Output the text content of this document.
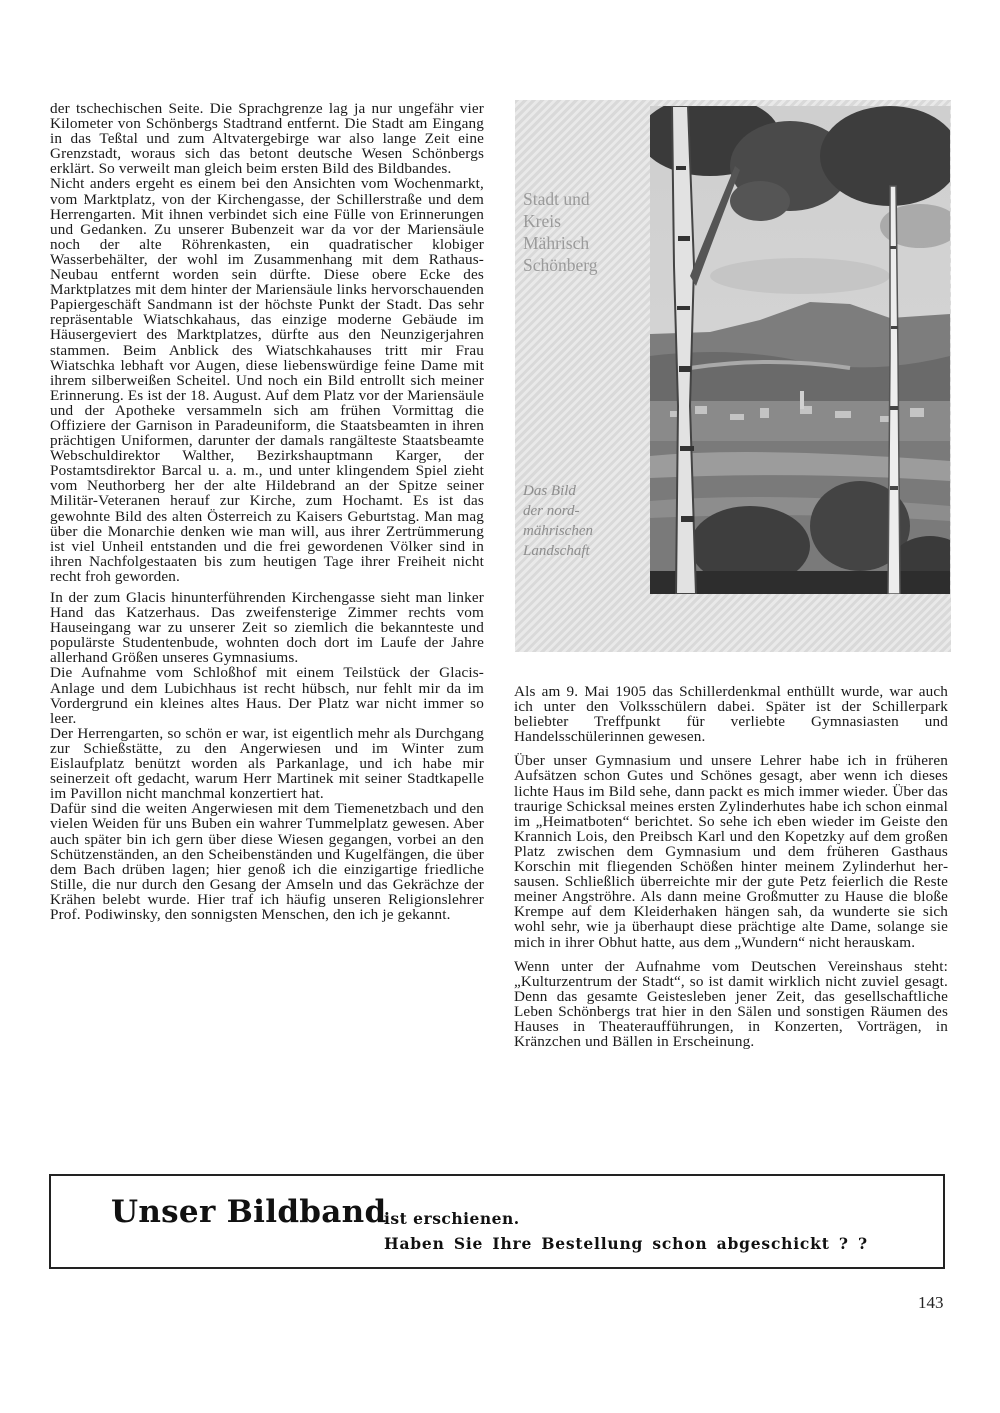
der tschechischen Seite. Die Sprachgrenze lag ja nur ungefähr vier Kilometer von Schönbergs Stadtrand entfernt. Die Stadt am Eingang in das Teßtal und zum Altvatergebirge war also lange Zeit eine Grenzstadt, woraus sich das betont deutsche Wesen Schönbergs erklärt. So verweilt man gleich beim ersten Bild des Bildbandes.

Nicht anders ergeht es einem bei den Ansichten vom Wochenmarkt, vom Marktplatz, von der Kirchengasse, der Schillerstraße und dem Herrengarten. Mit ihnen verbindet sich eine Fülle von Erinnerungen und Gedanken. Zu unserer Bubenzeit war da vor der Mariensäule noch der alte Röhrenkasten, ein quadratischer klobiger Wasserbehälter, der wohl im Zusammenhang mit dem Rathaus-Neubau entfernt worden sein dürfte. Diese obere Ecke des Marktplatzes mit dem hinter der Mariensäule links hervorschauenden Papiergeschäft Sandmann ist der höchste Punkt der Stadt. Das sehr repräsentable Wiatschkahaus, das einzige moderne Gebäude im Häusergeviert des Marktplatzes, dürfte aus den Neunzigerjahren stammen. Beim Anblick des Wiatschkahauses tritt mir Frau Wiatschka lebhaft vor Augen, diese liebenswürdige feine Dame mit ihrem silberweißen Scheitel. Und noch ein Bild entrollt sich meiner Erinnerung. Es ist der 18. August. Auf dem Platz vor der Mariensäule und der Apotheke versammeln sich am frühen Vormittag die Offiziere der Garnison in Paradeuniform, die Staatsbeamten in ihren prächtigen Uniformen, darunter der damals rangälteste Staatsbeamte Webschuldirektor Walther, Bezirkshauptmann Karger, der Postamtsdirektor Barcal u. a. m., und unter klingendem Spiel zieht vom Neuthorberg her der alte Hildebrand an der Spitze seiner Militär-Veteranen herauf zur Kirche, zum Hochamt. Es ist das gewohnte Bild des alten Österreich zu Kaisers Geburtstag. Man mag über die Monarchie denken wie man will, aus ihrer Zertrümmerung ist viel Unheil entstanden und die frei gewordenen Völker sind in ihren Nachfolgestaaten bis zum heutigen Tage ihrer Freiheit nicht recht froh geworden.

In der zum Glacis hinunterführenden Kirchengasse sieht man linker Hand das Katzerhaus. Das zweifensterige Zimmer rechts vom Hauseingang war zu unserer Zeit so ziemlich die bekannteste und populärste Studentenbude, wohnten doch dort im Laufe der Jahre allerhand Größen unseres Gymnasiums.

Die Aufnahme vom Schloßhof mit einem Teilstück der Glacis-Anlage und dem Lubichhaus ist recht hübsch, nur fehlt mir da im Vordergrund ein kleines altes Haus. Der Platz war nicht immer so leer.

Der Herrengarten, so schön er war, ist eigentlich mehr als Durchgang zur Schießstätte, zu den Angerwiesen und im Winter zum Eislaufplatz benützt worden als Parkanlage, und ich habe mir seinerzeit oft gedacht, warum Herr Martinek mit seiner Stadtkapelle im Pavillon nicht manchmal konzertiert hat.

Dafür sind die weiten Angerwiesen mit dem Tiemenetzbach und den vielen Weiden für uns Buben ein wahrer Tummelplatz gewesen. Aber auch später bin ich gern über diese Wiesen gegangen, vorbei an den Schützenständen, an den Scheibenständen und Kugelfängen, die über dem Bach drüben lagen; hier genoß ich die einzigartige friedliche Stille, die nur durch den Gesang der Amseln und das Gekrächze der Krähen belebt wurde. Hier traf ich häufig unseren Religionslehrer Prof. Podiwinsky, den sonnigsten Menschen, den ich je gekannt.

Stadt und
Kreis
Mährisch
Schönberg
Das Bild
der nord-
mährischen
Landschaft

Als am 9. Mai 1905 das Schillerdenkmal enthüllt wurde, war auch ich unter den Volksschülern dabei. Später ist der Schillerpark beliebter Treffpunkt für verliebte Gymnasiasten und Handelsschülerinnen gewesen.

Über unser Gymnasium und unsere Lehrer habe ich in früheren Aufsätzen schon Gutes und Schönes gesagt, aber wenn ich dieses lichte Haus im Bild sehe, dann packt es mich immer wieder. Über das traurige Schicksal meines ersten Zylinderhutes habe ich schon einmal im „Heimatboten“ berichtet. So sehe ich eben wieder im Geiste den Krannich Lois, den Preibsch Karl und den Kopetzky auf dem großen Platz zwischen dem Gymnasium und dem früheren Gasthaus Korschin mit fliegenden Schößen hinter meinem Zylinderhut hersausen. Schließlich überreichte mir der gute Petz feierlich die Reste meiner Angströhre. Als dann meine Großmutter zu Hause die bloße Krempe auf dem Kleiderhaken hängen sah, da wunderte sie sich wohl sehr, wie ja überhaupt diese prächtige alte Dame, solange sie mich in ihrer Obhut hatte, aus dem „Wundern“ nicht herauskam.

Wenn unter der Aufnahme vom Deutschen Vereinshaus steht: „Kulturzentrum der Stadt“, so ist damit wirklich nicht zuviel gesagt. Denn das gesamte Geistesleben jener Zeit, das gesellschaftliche Leben Schönbergs trat hier in den Sälen und sonstigen Räumen des Hauses in Theateraufführungen, in Konzerten, Vorträgen, in Kränzchen und Bällen in Erscheinung.

Unser Bildband
ist erschienen.
Haben Sie Ihre Bestellung schon abgeschickt ? ?
143
